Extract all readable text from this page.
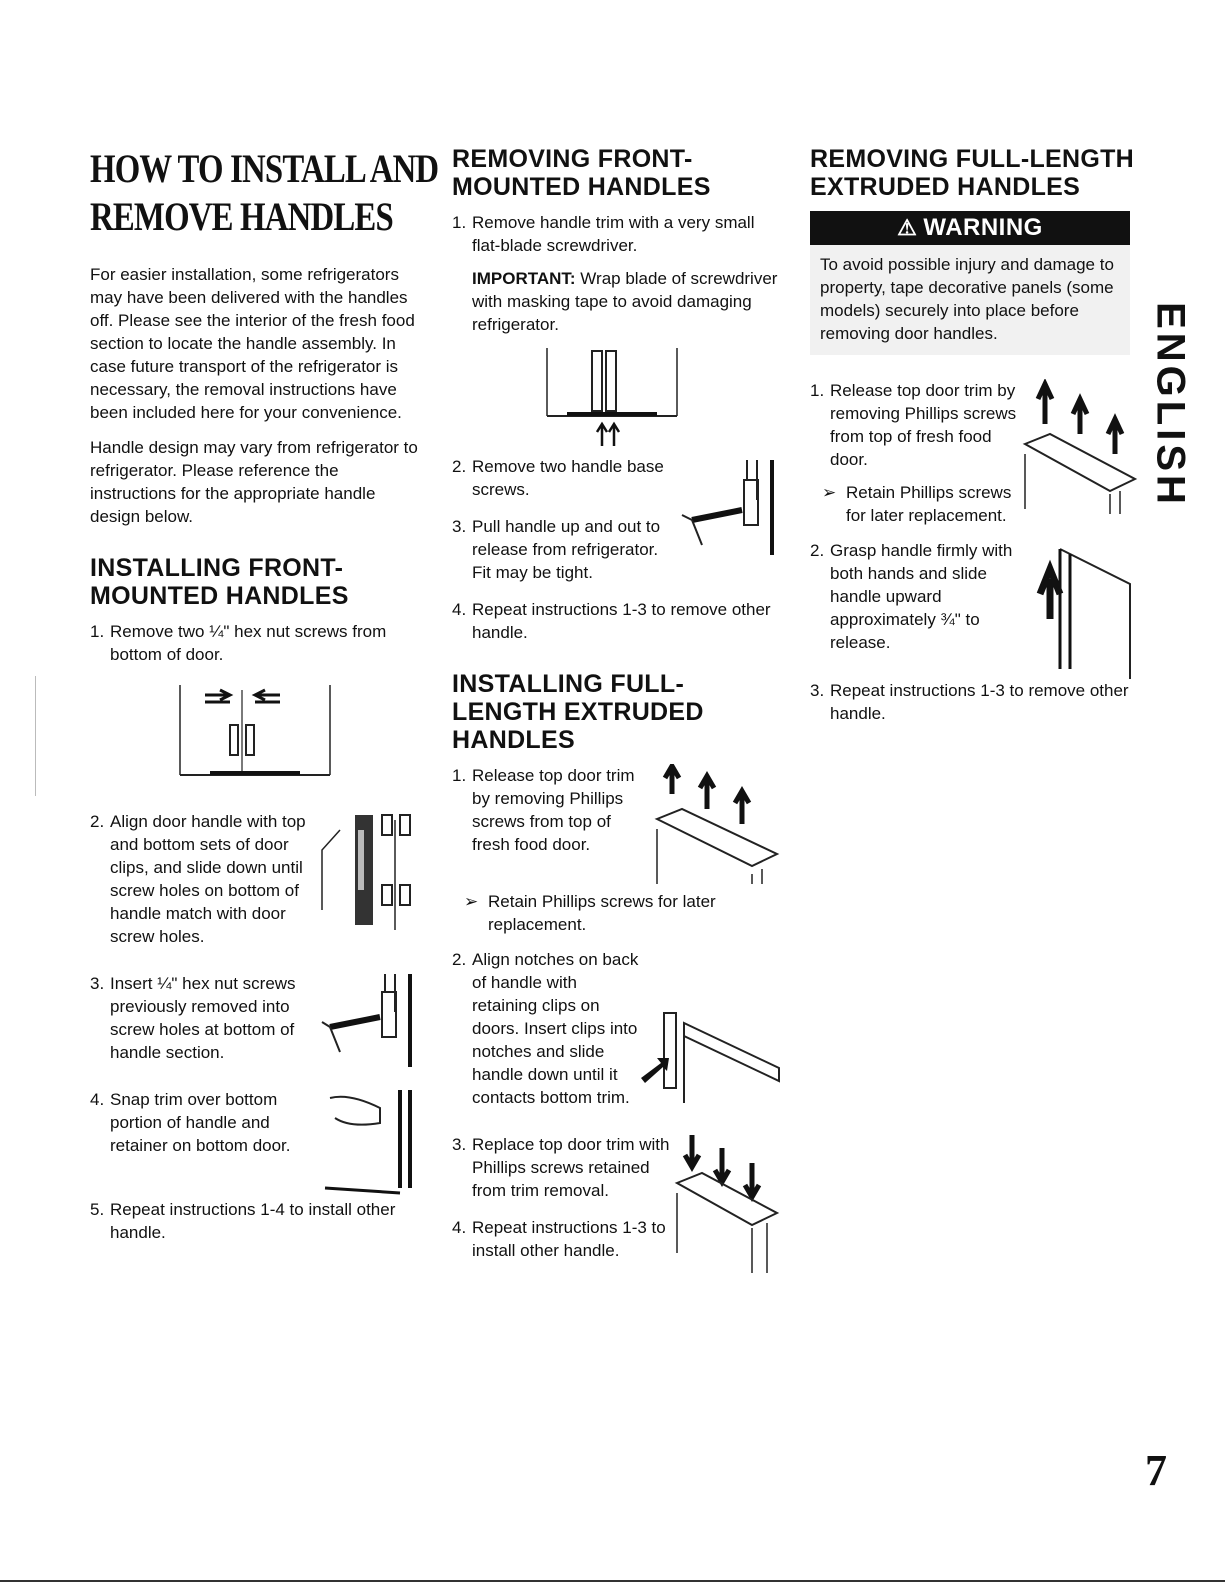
HOW TO INSTALL AND
REMOVE HANDLES

For easier installation, some refrigerators may have been delivered with the handles off. Please see the interior of the fresh food section to locate the handle assembly. In case future transport of the refrigerator is necessary, the removal instructions have been included here for your convenience.

Handle design may vary from refrigerator to refrigerator. Please reference the instructions for the appropriate handle design below.

INSTALLING FRONT-MOUNTED HANDLES
1. Remove two ¼" hex nut screws from bottom of door.
2. Align door handle with top and bottom sets of door clips, and slide down until screw holes on bottom of handle match with door screw holes.
3. Insert ¼" hex nut screws previously removed into screw holes at bottom of handle section.
4. Snap trim over bottom portion of handle and retainer on bottom door.
5. Repeat instructions 1-4 to install other handle.
REMOVING FRONT-MOUNTED HANDLES
1. Remove handle trim with a very small flat-blade screwdriver.

IMPORTANT: Wrap blade of screwdriver with masking tape to avoid damaging refrigerator.

2. Remove two handle base screws.
3. Pull handle up and out to release from refrigerator. Fit may be tight.
4. Repeat instructions 1-3 to remove other handle.
INSTALLING FULL-LENGTH EXTRUDED HANDLES
1. Release top door trim by removing Phillips screws from top of fresh food door.
➢ Retain Phillips screws for later replacement.
2. Align notches on back of handle with retaining clips on doors. Insert clips into notches and slide handle down until it contacts bottom trim.
3. Replace top door trim with Phillips screws retained from trim removal.
4. Repeat instructions 1-3 to install other handle.
REMOVING FULL-LENGTH EXTRUDED HANDLES
⚠ WARNING
To avoid possible injury and damage to property, tape decorative panels (some models) securely into place before removing door handles.
1. Release top door trim by removing Phillips screws from top of fresh food door.
➢ Retain Phillips screws for later replacement.
2. Grasp handle firmly with both hands and slide handle upward approximately ¾" to release.
3. Repeat instructions 1-3 to remove other handle.
ENGLISH
7
